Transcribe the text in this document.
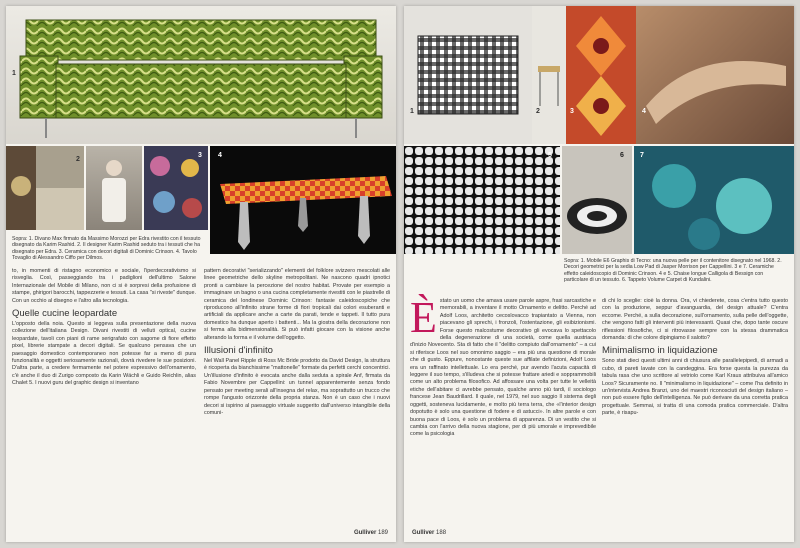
1
2
3 4
Sopra: 1. Divano Max firmato da Massimo Morozzi per Edra rivestito con il tessuto disegnato da Karim Rashid. 2. Il designer Karim Rashid seduto tra i tessuti che ha disegnato per Edra. 3. Ceramica con decori digitali di Dominic Crinson. 4. Tavolo Tovaglio di Alessandro Ciffo per Dilmos.

to, in momenti di ristagno economico e sociale, l'iperdecorativismo si risveglia. Così, passeggiando tra i padiglioni dell'ultimo Salone Internazionale del Mobile di Milano, non ci si è sorpresi della profusione di stampe, ghirigori barocchi, tappezzerie e tessuti. La casa "si riveste" dunque. Con un occhio al disegno e l'altro alla tecnologia.

Quelle cucine leopardate

L'opposto della noia. Questo si leggeva sulla presentazione della nuova collezione dell'italiana Design. Divani rivestiti di velluti optical, cucine leopardate, tavoli con piani di rame serigrafato con sagome di fiore effetto pixel, librerie stampate a decori digitali. Se qualcuno pensava che un paesaggio domestico contemporaneo non potesse far a meno di pura funzionalità e oggetti seriosamente razionali, dovrà rivedere le sue posizioni. D'altra parte, a credere fermamente nel potere espressivo dell'ornamento, c'è anche il duo di Zurigo composto da Karin Wächli e Guido Reichlin, alias Chalet 5. I nuovi guru del graphic design si inventano

pattern decorativi "serializzando" elementi del folklore svizzero mescolati alle linee geometriche dello skyline metropolitani. Ne nascono quadri ipnotici pronti a cambiare la percezione del nostro habitat. Provate per esempio a immaginare un bagno o una cucina completamente rivestiti con le piastrelle di ceramica del londinese Dominic Crinson: fantasie caleidoscopiche che riproducono all'infinito strane forme di fiori tropicali dai colori esuberanti e artificiali da applicare anche a carte da parati, tende e tappeti. Il tutto pura domestico ha dunque aperto i battenti... Ma la giostra della decorazione non si ferma alla bidimensionalità. Si può infatti giocare con la visione anche alterando la forma e il volume dell'oggetto.

Illusioni d'infinito

Nel Wall Panel Ripple di Ross Mc Bride prodotto da David Design, la struttura è ricoperta da bianchissime "mattonelle" formate da perfetti cerchi concentrici. Un'illusione d'infinito è evocata anche dalla seduta a spirale Anf, firmata da Fabio Novembre per Cappellini: un tunnel apparentemente senza fondo pensato per meeting serali all'insegna del relax, ma soprattutto un trucco che rompe l'angusto orizzonte della propria stanza. Non è un caso che i nuovi decori si ispirino al paesaggio virtuale suggerito dall'universo intangibile della comuni-

Gulliver 189
1	2	3	4
5	6 7
Sopra: 1. Mobile E6 Graphis di Tecno: una nuova pelle per il contenitore disegnato nel 1968. 2. Decori geometrici per la sedia Low Pad di Jasper Morrison per Cappellini. 3 e 7. Ceramiche effetto caleidoscopio di Dominic Crinson. 4 e 5. Chaise longue Calligola di Bessign con particolare di un tessuto. 6. Tappeto Volume Carpet di Kundalini.
È stato un uomo che amava usare parole aspre, frasi sarcastiche e memorabili, a inventare il motto Ornamento e delitto. Perché ad Adolf Loos, architetto cecoslovacco trapiantato a Vienna, non piacevano gli sprechi, i fronzoli, l'ostentazione, gli esibizionismi. Forse questo malcostume decorativo gli evocava lo spettacolo della degenerazione di una società, come quella austriaca d'inizio Novecento. Sta di fatto che il "delitto compiuto dall'ornamento" – a cui si riferisce Loos nel suo omonimo saggio – era più una questione di morale che di gusto. Eppure, nonostante queste sue affilate definizioni, Adolf Loos era un raffinato intellettuale. Lo era perché, pur avendo l'acuta capacità di leggere il suo tempo, s'illudeva che si potesse frattare ariedi e sopprammobili come un alto problema filosofico. Ad affossare una volta per tutte le velleità etiche dell'abitare ci avrebbe pensato, qualche anno più tardi, il sociologo francese Jean Baudrillard. Il quale, nel 1979, nel suo saggio Il sistema degli oggetti, sosteneva lucidamente, e molto più terra terra, che «l'interior design dopotutto è solo una questione di fodere e di astucci». In altre parole e con buona pace di Loos, è solo un problema di apparenza. Di un vestito che si cambia con l'arrivo della nuova stagione, per di più umorale e imprevedibile come la psicologia

di chi lo sceglie: cioè la donna. Ora, vi chiederete, cosa c'entra tutto questo con la produzione, seppur d'avanguardia, del design attuale? C'entra eccome. Perché, a sulla decorazione, sull'ornamento, sulla pelle dell'oggette, che vengono fatti gli interventi più interessanti. Quasi che, dopo tante oscure riflessioni filosofiche, ci si ritrovasse sempre con la stessa drammatica domanda: di che colore dipingiamo il salotto?

Minimalismo in liquidazione

Sono stati dieci questi ultimi anni di chiusura alle parallelepipedi, di armadi a cubo, di pareti lavate con la candeggina. Era forse questa la purezza da tabula rasa che uno scrittore al vetriolo come Karl Kraus attribuiva all'amico Loos? Sicuramente no. Il "minimalismo in liquidazione" – come l'ha definito in un'intervista Andrea Branzi, uno dei maestri riconosciuti del design italiano – non può essere figlio dell'intelligenza. Ne può derivare da una corretta pratica progettuale. Semmai, si tratta di una comoda pratica commerciale. D'altra parte, è risapu-

Gulliver 188
